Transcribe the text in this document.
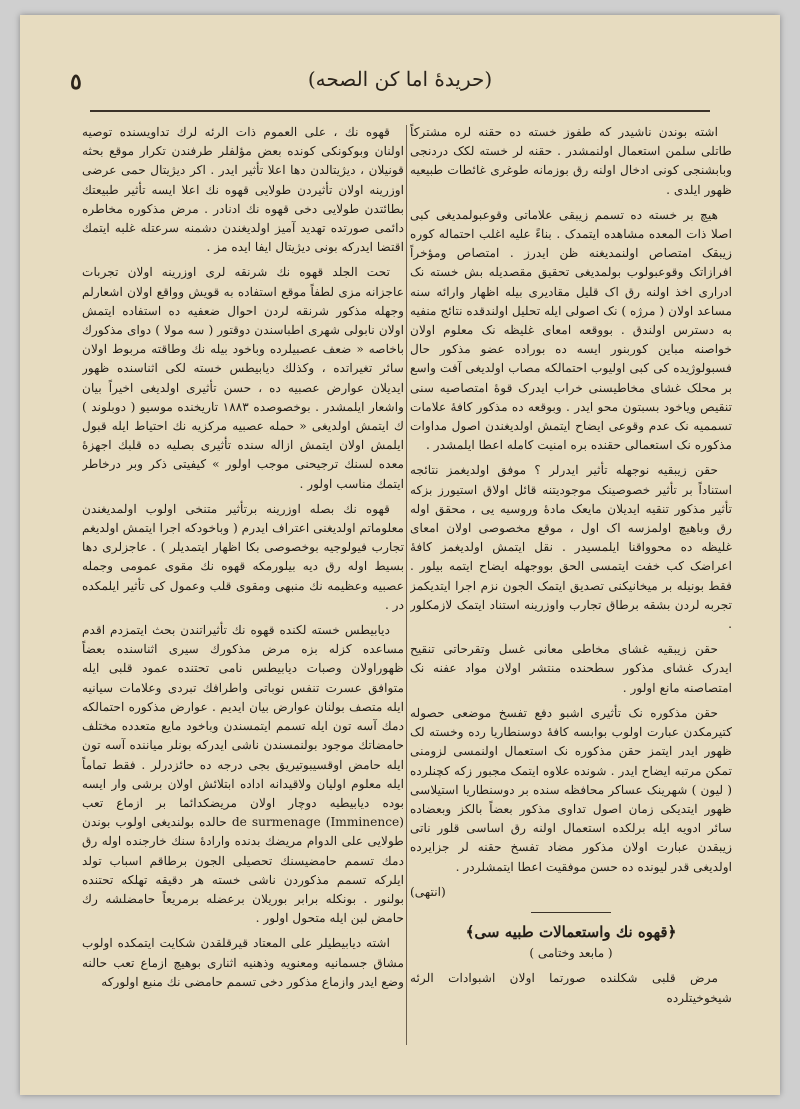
(حریدهٔ اما کن الصحه)
٥

اشته بوندن ناشیدر که طفوز خسته ده حقنه لره مشترکاً طاتلی سلمن استعمال اولنمشدر . حقنه لر خسته لکک دردنجی وبابشنجی کونی ادخال اولنه رق بوزمانه طوغری غائطات طبیعیه ظهور ایلدی .

هیچ بر خسته ده تسمم زیبقی علاماتی وقوعبولمدیغی کبی اصلا ذات المعده مشاهده ایتمدک . بناءً علیه اغلب احتماله کوره زیبقک امتصاص اولنمدیغنه ظن ایدرز . امتصاص ومؤخراً افرازاتک وقوعبولوب بولمدیغی تحقیق مقصدیله بش خسته نک ادراری اخذ اولنه رق اک قلیل مقادیری بیله اظهار وارائه سنه مساعد اولان ( مرژه ) نک اصولی ایله تحلیل اولندقده نتائج منفیه به دسترس اولندق . بووقعه امعای غلیظه نک معلوم اولان خواصنه مباین کوربنور ایسه ده بوراده عضو مذکور حال فسبولوژیده کی کبی اولیوب احتمالکه مصاب اولدیغی آفت واسع بر محلک غشای مخاطیسنی خراب ایدرک قوهٔ امتصاصیه سنی تنقیص ویاخود بسبتون محو ایدر . وبوقعه ده مذکور کافهٔ علامات تسممیه نک عدم وقوعی ایضاح ایتمش اولدیغندن اصول مداوات مذکوره نک استعمالی حقنده بره امنیت کامله اعطا ایلمشدر .

حقن زیبقیه نوجهله تأثیر ایدرلر ؟ موفق اولدیغمز نتائجه استناداً بر تأثیر خصوصینک موجودیتنه قائل اولاق استیورز بزکه تأثیر مذکور تنقیه ایدیلان مایعک مادهٔ وروسیه یی ، محقق اوله رق وباهیچ اولمزسه اک اول ، موقع مخصوصی اولان امعای غلیظه ده محوواقنا ایلمسیدر . نقل ایتمش اولدیغمز کافهٔ اعراضک کب خفت ایتمسی الحق بووجهله ایضاح ایتمه بیلور . فقط بونیله بر میخانیکنی تصدیق ایتمک الجون نزم اجرا ایتدیکمز تجربه لردن بشقه برطاق تجارب واوزرینه استناد ایتمک لازمکلور .

حقن زیبقیه غشای مخاطی معانی غسل وتقرحاتی تنقیح ایدرک غشای مذکور سطحنده منتشر اولان مواد عفنه نک امتصاصنه مانع اولور .

حقن مذکوره نک تأثیری اشبو دفع تفسخ موضعی حصوله کتیرمکدن عبارت اولوب بوابسه کافهٔ دوسنطاریا رده وخسته لک ظهور ایدر ایتمز حقن مذکوره نک استعمال اولنمسی لزومنی تمکن مرتبه ایضاح ایدر . شونده علاوه ایتمک مجبور زکه کچنلرده ( لیون ) شهرینک عساکر محافظه سنده بر دوسنطاریا استیلاسی ظهور ایتدیکی زمان اصول تداوی مذکور بعضاً بالکز وبعضاده سائر ادویه ایله برلکده استعمال اولنه رق اساسی قلور ناتی زیبقدن عبارت اولان مذکور مضاد تفسخ حقنه لر جزایرده اولدیغی قدر لیونده ده حسن موفقیت اعطا ایتمشلردر .

(انتهی)
﴿قهوه نك واستعمالات طبيه سى﴾
( مابعد وختامی )

مرض قلبی شکلنده صورتما اولان اشبوادات الرئه شیخوخیتلرده

قهوه نك ، على العموم ذات الرئه لرك تداویسنده توصیه اولنان وبوکونکی کونده بعض مؤلفلر طرفندن تکرار موقع بحثه قونیلان ، دیژیتالدن دها اعلا تأثیر ایدر . اکر دیژیتال حمی عرضی اوزرینه اولان تأثیردن طولایی قهوه نك اعلا ایسه تأثیر طبیعتك بطائتدن طولایی دخی قهوه نك ادنادر . مرض مذکوره مخاطره دائمی صورتده تهدید آمیز اولدیغندن دشمنه سرعتله غلبه ایتمك اقتضا ایدرکه بونی دیژیتال ایفا ایده مز .

تحت الجلد قهوه نك شرنقه لری اوزرینه اولان تجربات عاجزانه مزی لطفاً موقع استفاده به قویش وواقع اولان اشعارلم وجهله مذکور شرنقه لردن احوال ضعفیه ده استفاده ایتمش اولان نابولی شهری اطباسندن دوقتور ( سه مولا ) دوای مذکورك باخاصه « ضعف عصبیلرده وباخود بیله نك وطاقته مربوط اولان سائر تغیراتده ، وکذلك دیابیطس خسته لکی اثناسنده ظهور ایدیلان عوارض عصبیه ده ، حسن تأثیری اولدیغی اخیراً بیان واشعار ایلمشدر . بوخصوصده ۱۸۸۳ تاریخنده موسیو ( دوبلوند ) ك ایتمش اولدیغی « حمله عصبیه مرکزیه نك احتیاط ایله قبول ایلمش اولان ایتمش ازاله سنده تأثیری بصلیه ده قلبك اجهزهٔ معده لسنك ترجیحنی موجب اولور » کیفیتی ذکر وبر درخاطر ایتمك مناسب اولور .

قهوه نك بصله اوزرینه برتأثیر متنخی اولوب اولمدیغندن معلوماتم اولدیغنی اعتراف ایدرم ( وباخودکه اجرا ایتمش اولدیغم تجارب فیولوجیه بوخصوصی بکا اظهار ایتمدیلر ) . عاجزلری دها بسیط اوله رق دیه بیلورمکه قهوه نك مقوی عمومی وجمله عصبیه وعظیمه نك منبهی ومقوی قلب وعمول کی تأثیر ایلمکده در .

دیابیطس خسته لکنده قهوه نك تأثیراتندن بحث ایتمزدم اقدم مساعده کزله بزه مرض مذکورك سیری اثناسنده بعضاً ظهوراولان وصبات دیابیطس نامی تحتنده عمود قلبی ایله متوافق عسرت تنفس نوباتی واطرافك تبردی وعلامات سیانیه ایله متصف بولنان عوارض بیان ایدیم . عوارض مذکوره احتمالکه دمك آسه تون ایله تسمم ایتمسندن وباخود مایع متعدده مختلف حامضاتك موجود بولنمسندن ناشی ایدرکه بونلر میاننده آسه تون ایله حامض اوقسیبوتیریق بجی درجه ده حائزدرلر . فقط تماماً ایله معلوم اولیان ولاقیدانه اداده ابتلائش اولان برشی وار ایسه بوده دیابیطیه دوچار اولان مریضکدائما بر ازماع تعب (Imminence) de surmenage حالده بولندیغی اولوب بوندن طولایی علی الدوام مریضك بدنده وارادهٔ سنك خارجنده اوله رق دمك تسمم حامضیسنك تحصیلی الجون برطاقم اسباب تولد ایلرکه تسمم مذکوردن ناشی خسته هر دقیقه تهلکه تحتنده بولنور . بونکله برابر بوریلان برعضله برمریعاً حامضلشه رك حامض لبن ایله متحول اولور .

اشته دیابیطیلر علی المعتاد قیرقلقدن شکایت ایتمکده اولوب مشاق جسمانیه ومعنویه وذهنیه اثناری بوهیچ ازماع تعب حالنه وضع ایدر وازماع مذکور دخی تسمم حامضی نك منبع اولورکه
